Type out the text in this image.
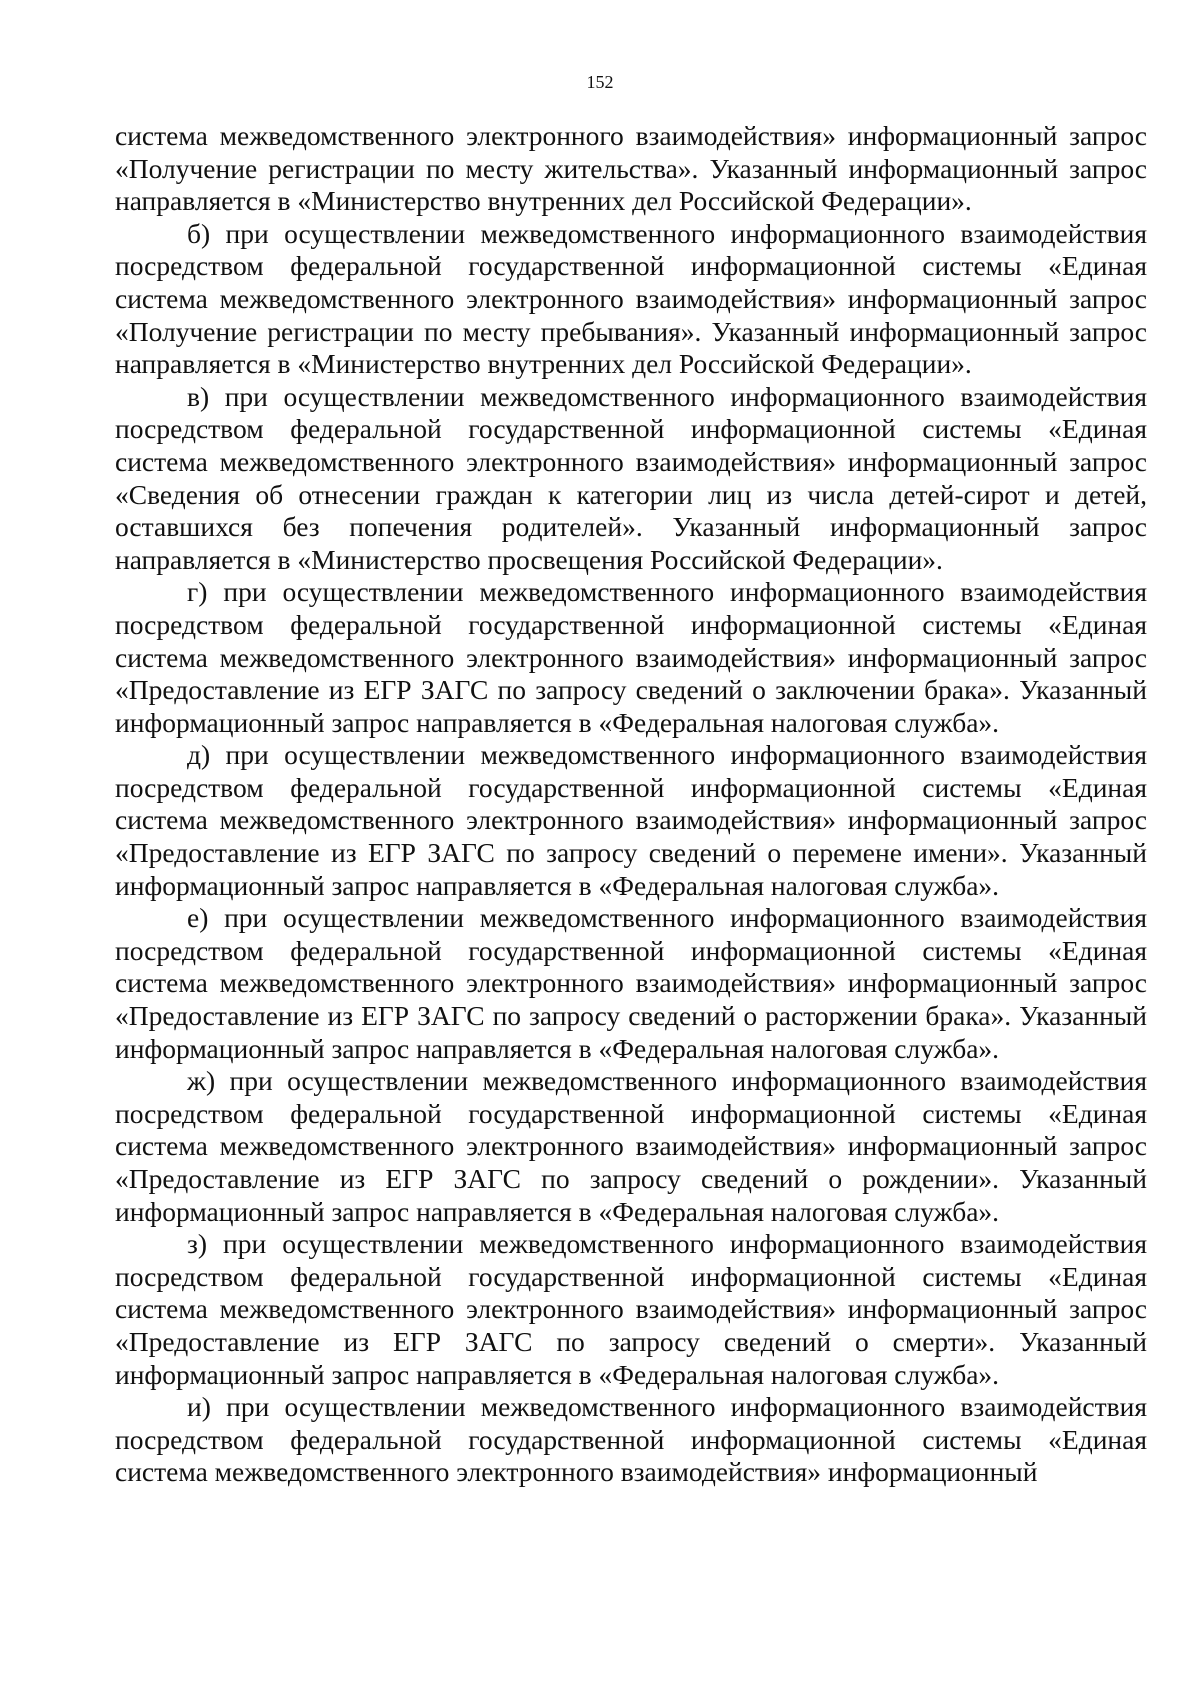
152

система межведомственного электронного взаимодействия» информационный запрос «Получение регистрации по месту жительства». Указанный информационный запрос направляется в «Министерство внутренних дел Российской Федерации».

б) при осуществлении межведомственного информационного взаимодействия посредством федеральной государственной информационной системы «Единая система межведомственного электронного взаимодействия» информационный запрос «Получение регистрации по месту пребывания». Указанный информационный запрос направляется в «Министерство внутренних дел Российской Федерации».

в) при осуществлении межведомственного информационного взаимодействия посредством федеральной государственной информационной системы «Единая система межведомственного электронного взаимодействия» информационный запрос «Сведения об отнесении граждан к категории лиц из числа детей-сирот и детей, оставшихся без попечения родителей». Указанный информационный запрос направляется в «Министерство просвещения Российской Федерации».

г) при осуществлении межведомственного информационного взаимодействия посредством федеральной государственной информационной системы «Единая система межведомственного электронного взаимодействия» информационный запрос «Предоставление из ЕГР ЗАГС по запросу сведений о заключении брака». Указанный информационный запрос направляется в «Федеральная налоговая служба».

д) при осуществлении межведомственного информационного взаимодействия посредством федеральной государственной информационной системы «Единая система межведомственного электронного взаимодействия» информационный запрос «Предоставление из ЕГР ЗАГС по запросу сведений о перемене имени». Указанный информационный запрос направляется в «Федеральная налоговая служба».

е) при осуществлении межведомственного информационного взаимодействия посредством федеральной государственной информационной системы «Единая система межведомственного электронного взаимодействия» информационный запрос «Предоставление из ЕГР ЗАГС по запросу сведений о расторжении брака». Указанный информационный запрос направляется в «Федеральная налоговая служба».

ж) при осуществлении межведомственного информационного взаимодействия посредством федеральной государственной информационной системы «Единая система межведомственного электронного взаимодействия» информационный запрос «Предоставление из ЕГР ЗАГС по запросу сведений о рождении». Указанный информационный запрос направляется в «Федеральная налоговая служба».

з) при осуществлении межведомственного информационного взаимодействия посредством федеральной государственной информационной системы «Единая система межведомственного электронного взаимодействия» информационный запрос «Предоставление из ЕГР ЗАГС по запросу сведений о смерти». Указанный информационный запрос направляется в «Федеральная налоговая служба».

и) при осуществлении межведомственного информационного взаимодействия посредством федеральной государственной информационной системы «Единая система межведомственного электронного взаимодействия» информационный
